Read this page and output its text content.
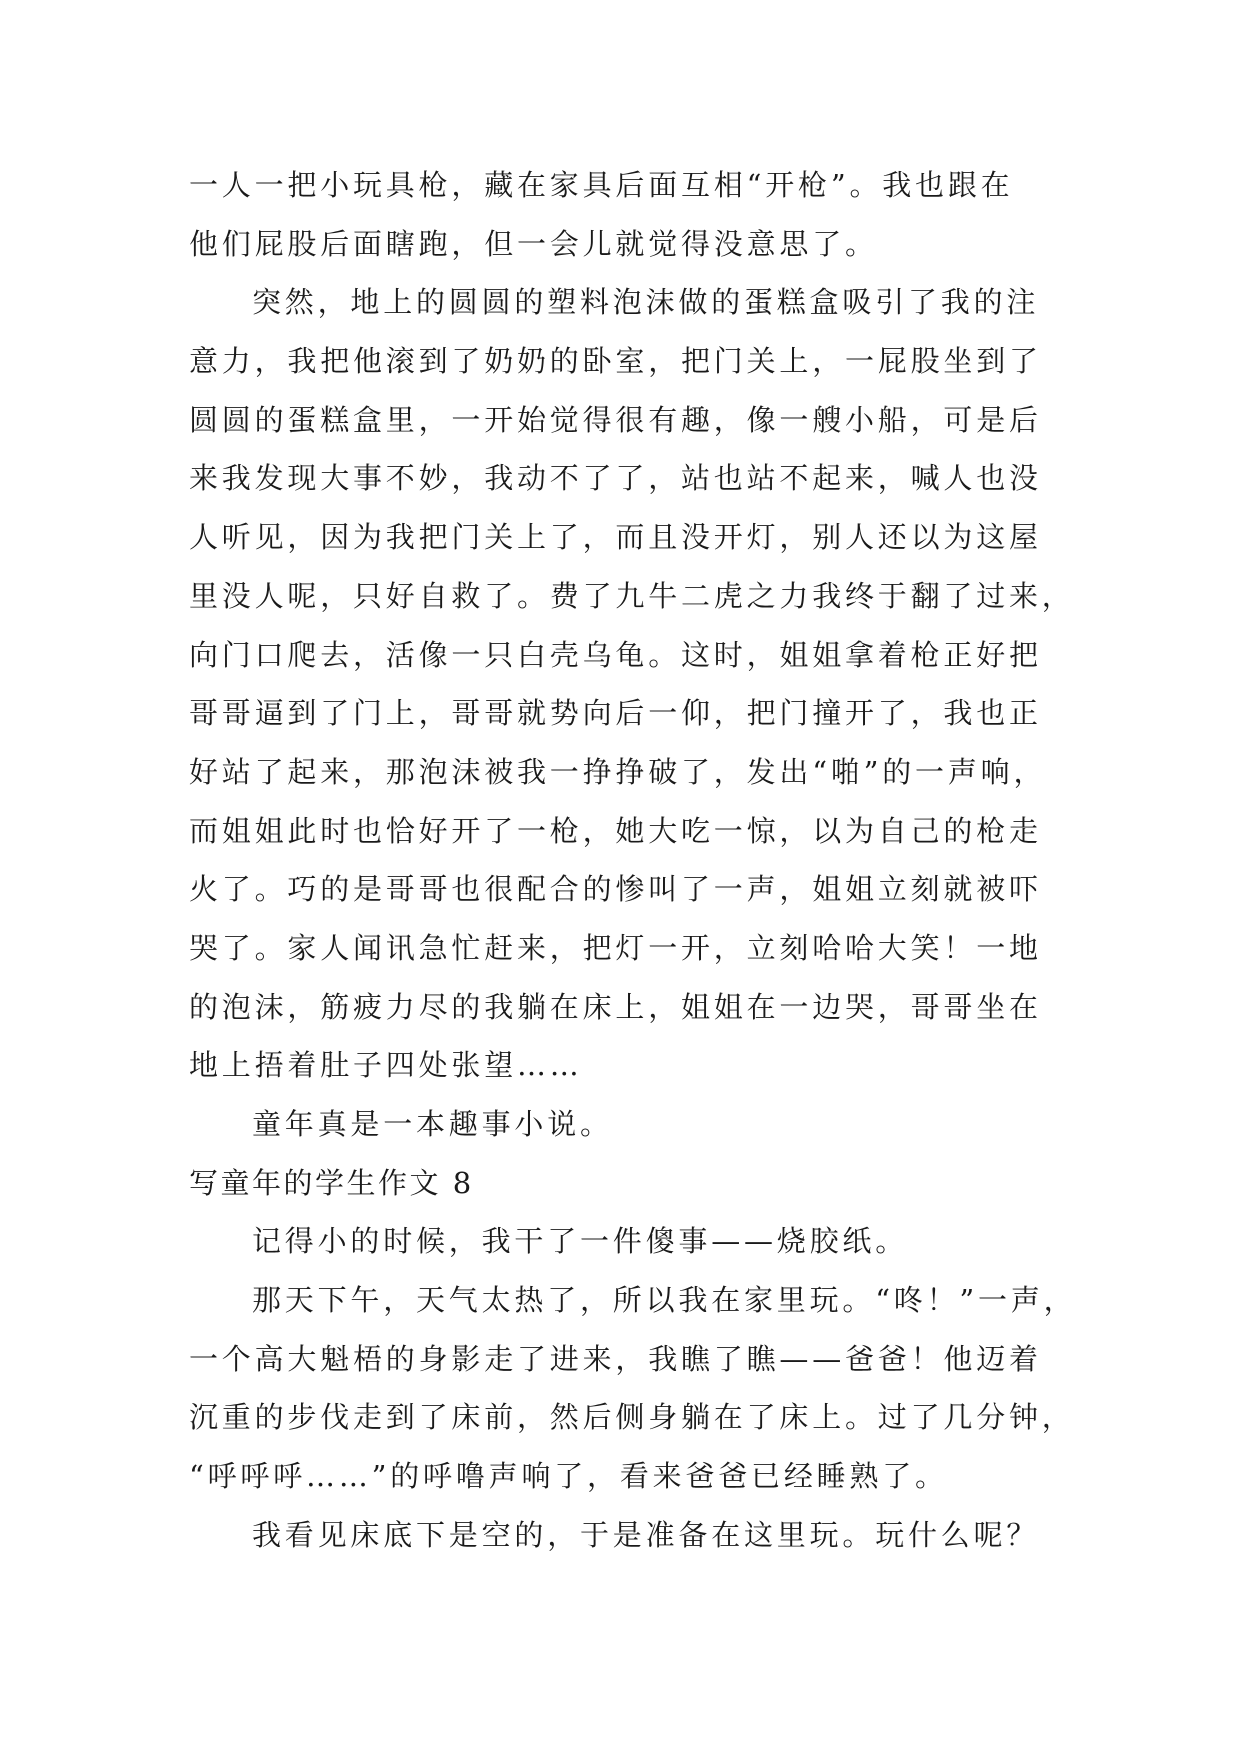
一人一把小玩具枪，藏在家具后面互相“开枪”。我也跟在
他们屁股后面瞎跑，但一会儿就觉得没意思了。
突然，地上的圆圆的塑料泡沫做的蛋糕盒吸引了我的注
意力，我把他滚到了奶奶的卧室，把门关上，一屁股坐到了
圆圆的蛋糕盒里，一开始觉得很有趣，像一艘小船，可是后
来我发现大事不妙，我动不了了，站也站不起来，喊人也没
人听见，因为我把门关上了，而且没开灯，别人还以为这屋
里没人呢，只好自救了。费了九牛二虎之力我终于翻了过来，
向门口爬去，活像一只白壳乌龟。这时，姐姐拿着枪正好把
哥哥逼到了门上，哥哥就势向后一仰，把门撞开了，我也正
好站了起来，那泡沫被我一挣挣破了，发出“啪”的一声响，
而姐姐此时也恰好开了一枪，她大吃一惊，以为自己的枪走
火了。巧的是哥哥也很配合的惨叫了一声，姐姐立刻就被吓
哭了。家人闻讯急忙赶来，把灯一开，立刻哈哈大笑！一地
的泡沫，筋疲力尽的我躺在床上，姐姐在一边哭，哥哥坐在
地上捂着肚子四处张望……
童年真是一本趣事小说。
写童年的学生作文 8
记得小的时候，我干了一件傻事——烧胶纸。
那天下午，天气太热了，所以我在家里玩。“咚！”一声，
一个高大魁梧的身影走了进来，我瞧了瞧——爸爸！他迈着
沉重的步伐走到了床前，然后侧身躺在了床上。过了几分钟，
“呼呼呼……”的呼噜声响了，看来爸爸已经睡熟了。
我看见床底下是空的，于是准备在这里玩。玩什么呢？
